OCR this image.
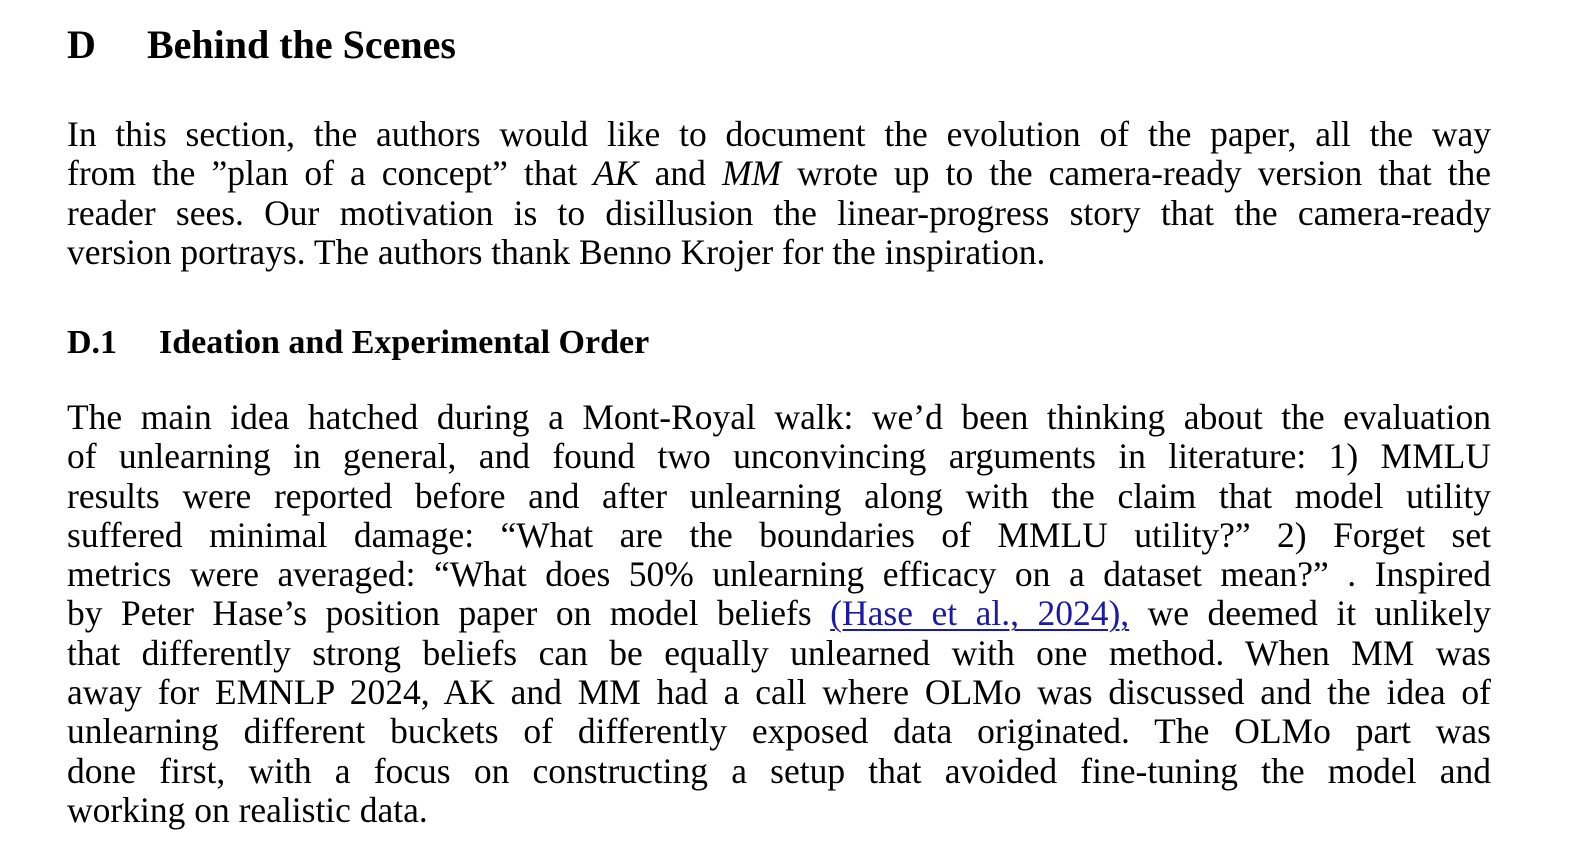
D Behind the Scenes

In this section, the authors would like to document the evolution of the paper, all the way
from the ”plan of a concept” that AK and MM wrote up to the camera-ready version that the
reader sees. Our motivation is to disillusion the linear-progress story that the camera-ready
version portrays. The authors thank Benno Krojer for the inspiration.

D.1 Ideation and Experimental Order

The main idea hatched during a Mont-Royal walk: we’d been thinking about the evaluation
of unlearning in general, and found two unconvincing arguments in literature: 1) MMLU
results were reported before and after unlearning along with the claim that model utility
suffered minimal damage: “What are the boundaries of MMLU utility?” 2) Forget set
metrics were averaged: “What does 50% unlearning efficacy on a dataset mean?” . Inspired
by Peter Hase’s position paper on model beliefs (Hase et al., 2024), we deemed it unlikely
that differently strong beliefs can be equally unlearned with one method. When MM was
away for EMNLP 2024, AK and MM had a call where OLMo was discussed and the idea of
unlearning different buckets of differently exposed data originated. The OLMo part was
done first, with a focus on constructing a setup that avoided fine-tuning the model and
working on realistic data.
